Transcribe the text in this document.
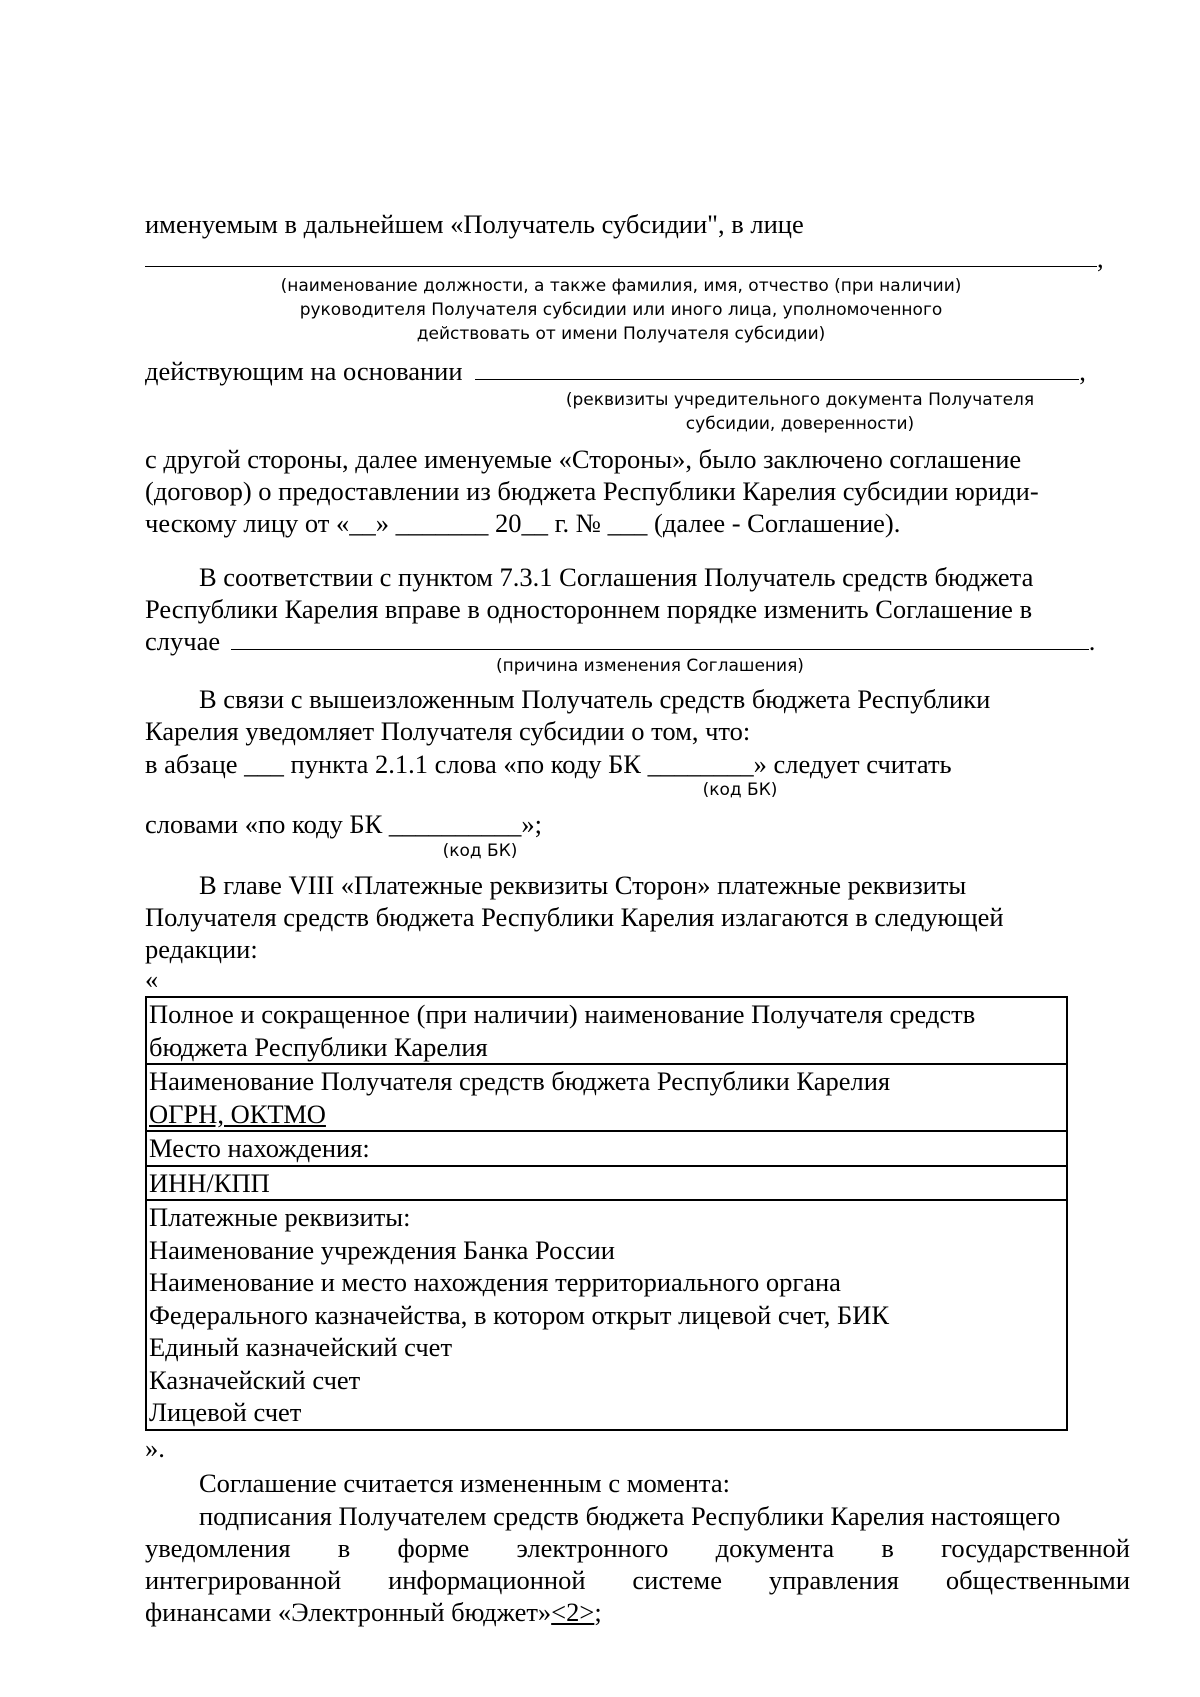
именуемым в дальнейшем «Получатель субсидии", в лице
,
(наименование должности, а также фамилия, имя, отчество (при наличии)
руководителя Получателя субсидии или иного лица, уполномоченного
действовать от имени Получателя субсидии)
действующим на основании	,
(реквизиты учредительного документа Получателя
субсидии, доверенности)
с другой стороны, далее именуемые «Стороны», было заключено соглашение
(договор) о предоставлении из бюджета Республики Карелия субсидии юриди-
ческому лицу от «__» _______ 20__ г. № ___ (далее - Соглашение).
В соответствии с пунктом 7.3.1 Соглашения Получатель средств бюджета
Республики Карелия вправе в одностороннем порядке изменить Соглашение в
случае	.
(причина изменения Соглашения)
В связи с вышеизложенным Получатель средств бюджета Республики
Карелия уведомляет Получателя субсидии о том, что:
в абзаце ___ пункта 2.1.1 слова «по коду БК ________» следует считать
(код БК)
словами «по коду БК __________»;
(код БК)
В главе VIII «Платежные реквизиты Сторон» платежные реквизиты
Получателя средств бюджета Республики Карелия излагаются в следующей
редакции:
«
Полное и сокращенное (при наличии) наименование Получателя средств
бюджета Республики Карелия

Наименование Получателя средств бюджета Республики Карелия
ОГРН, ОКТМО

Место нахождения:
ИНН/КПП

Платежные реквизиты:
Наименование учреждения Банка России
Наименование и место нахождения территориального органа
Федерального казначейства, в котором открыт лицевой счет, БИК
Единый казначейский счет
Казначейский счет
Лицевой счет
».
Соглашение считается измененным с момента:
подписания Получателем средств бюджета Республики Карелия настоящего
уведомления в форме электронного документа в государственной
интегрированной информационной системе управления общественными
финансами «Электронный бюджет»<2>;
